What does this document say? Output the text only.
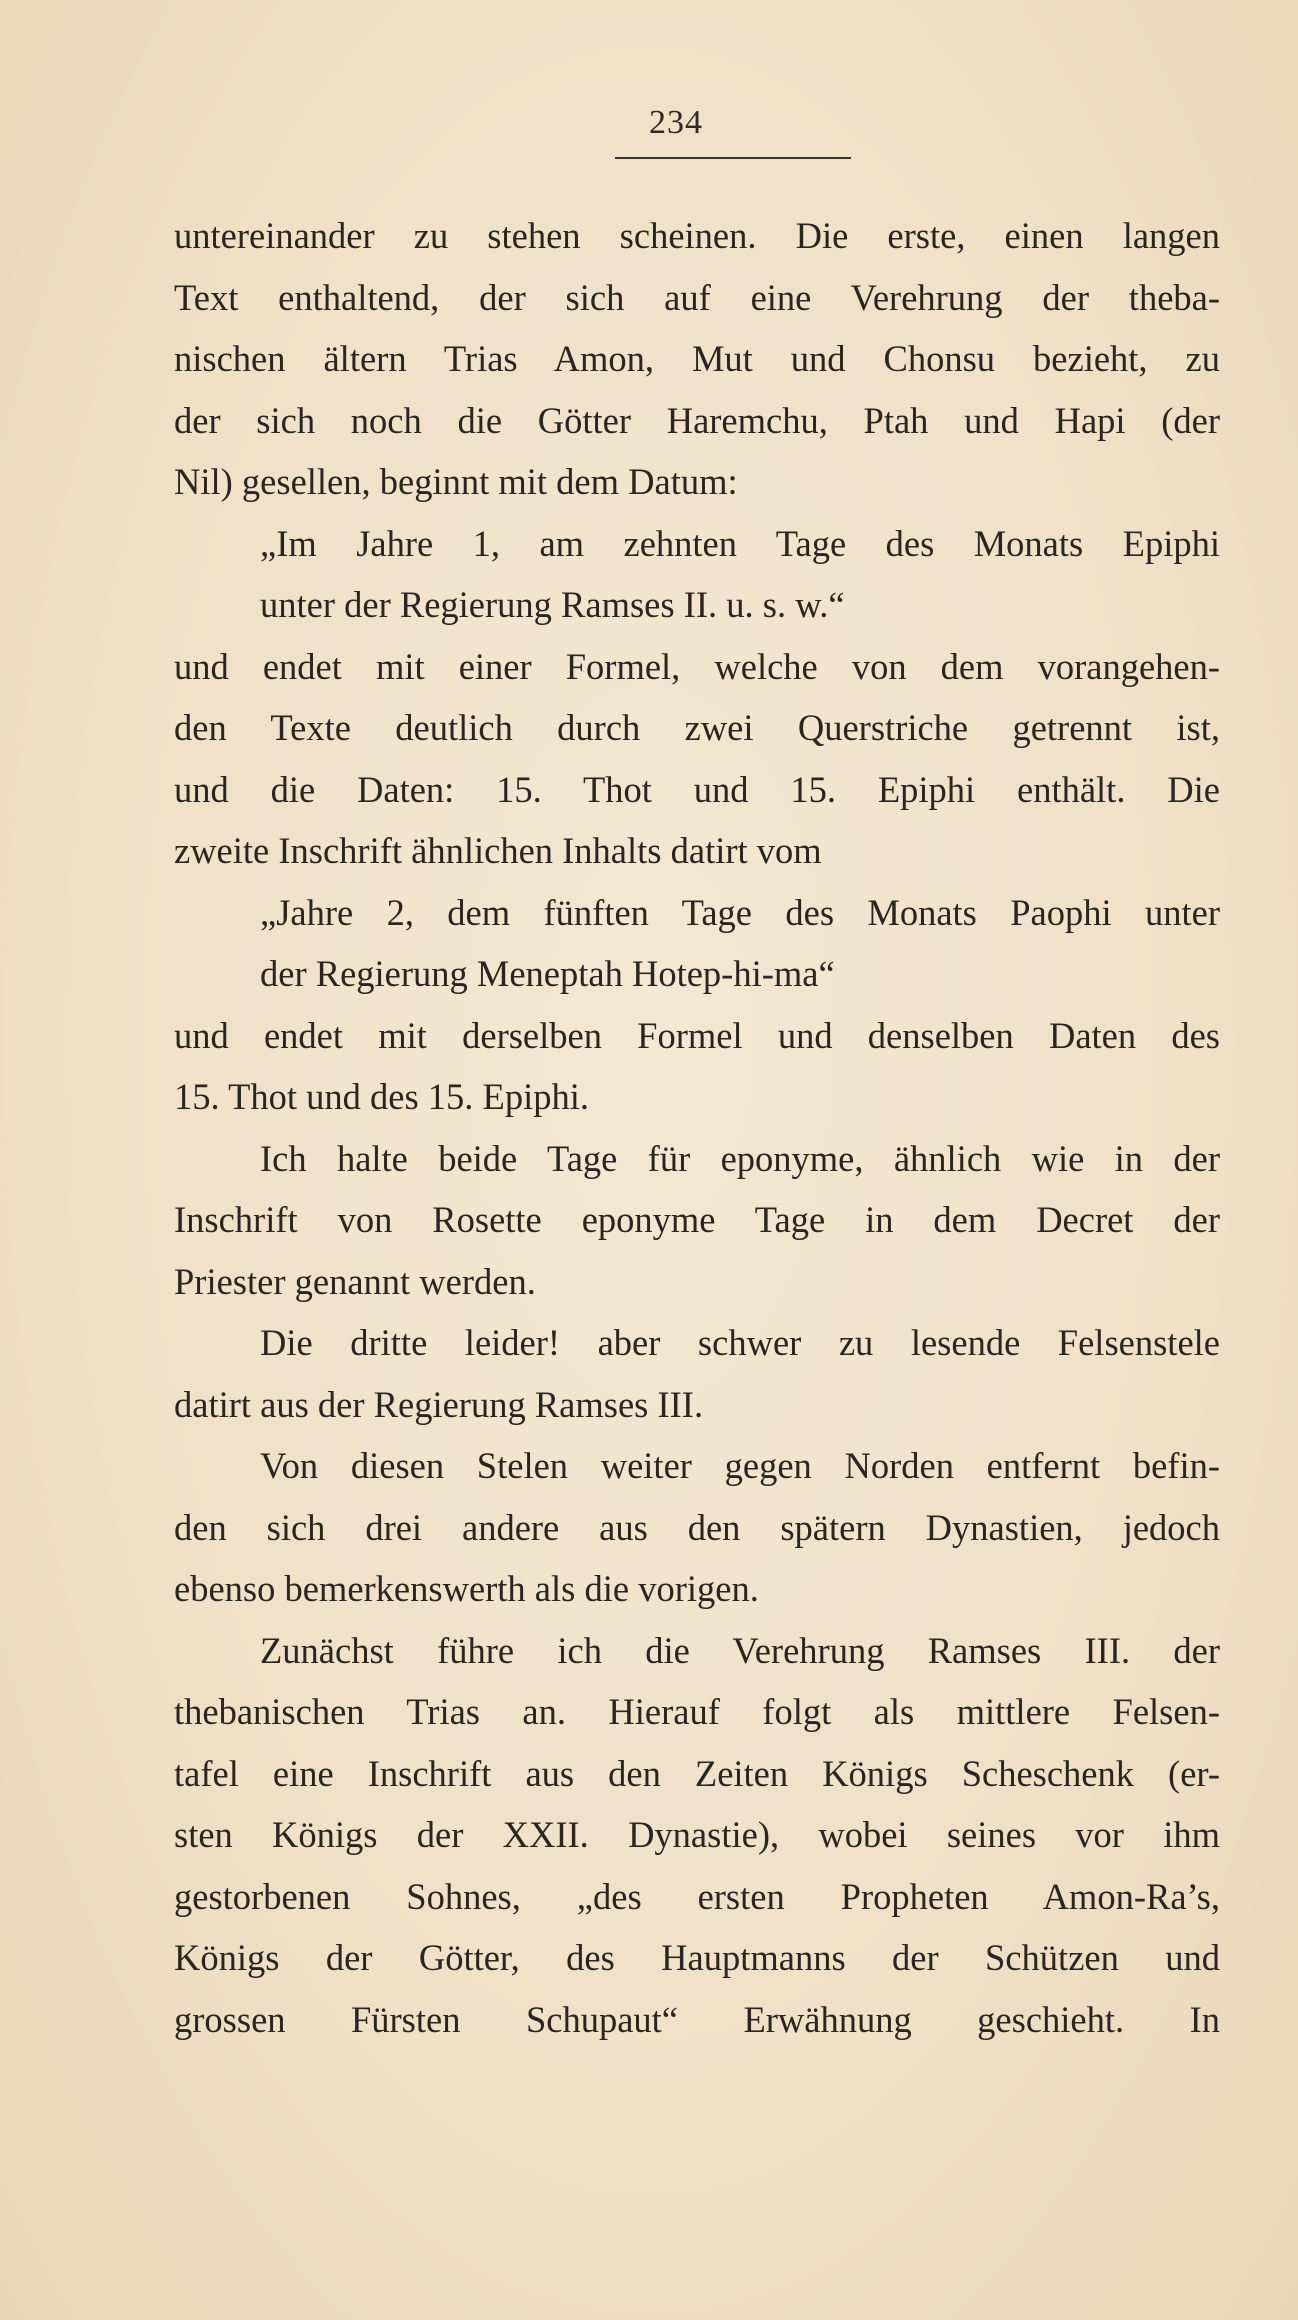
234
untereinander zu stehen scheinen. Die erste, einen langen
Text enthaltend, der sich auf eine Verehrung der theba-
nischen ältern Trias Amon, Mut und Chonsu bezieht, zu
der sich noch die Götter Haremchu, Ptah und Hapi (der
Nil) gesellen, beginnt mit dem Datum:
„Im Jahre 1, am zehnten Tage des Monats Epiphi
unter der Regierung Ramses II. u. s. w.“
und endet mit einer Formel, welche von dem vorangehen-
den Texte deutlich durch zwei Querstriche getrennt ist,
und die Daten: 15. Thot und 15. Epiphi enthält. Die
zweite Inschrift ähnlichen Inhalts datirt vom
„Jahre 2, dem fünften Tage des Monats Paophi unter
der Regierung Meneptah Hotep-hi-ma“
und endet mit derselben Formel und denselben Daten des
15. Thot und des 15. Epiphi.
Ich halte beide Tage für eponyme, ähnlich wie in der
Inschrift von Rosette eponyme Tage in dem Decret der
Priester genannt werden.
Die dritte leider! aber schwer zu lesende Felsenstele
datirt aus der Regierung Ramses III.
Von diesen Stelen weiter gegen Norden entfernt befin-
den sich drei andere aus den spätern Dynastien, jedoch
ebenso bemerkenswerth als die vorigen.
Zunächst führe ich die Verehrung Ramses III. der
thebanischen Trias an. Hierauf folgt als mittlere Felsen-
tafel eine Inschrift aus den Zeiten Königs Scheschenk (er-
sten Königs der XXII. Dynastie), wobei seines vor ihm
gestorbenen Sohnes, „des ersten Propheten Amon-Ra’s,
Königs der Götter, des Hauptmanns der Schützen und
grossen Fürsten Schupaut“ Erwähnung geschieht. In
